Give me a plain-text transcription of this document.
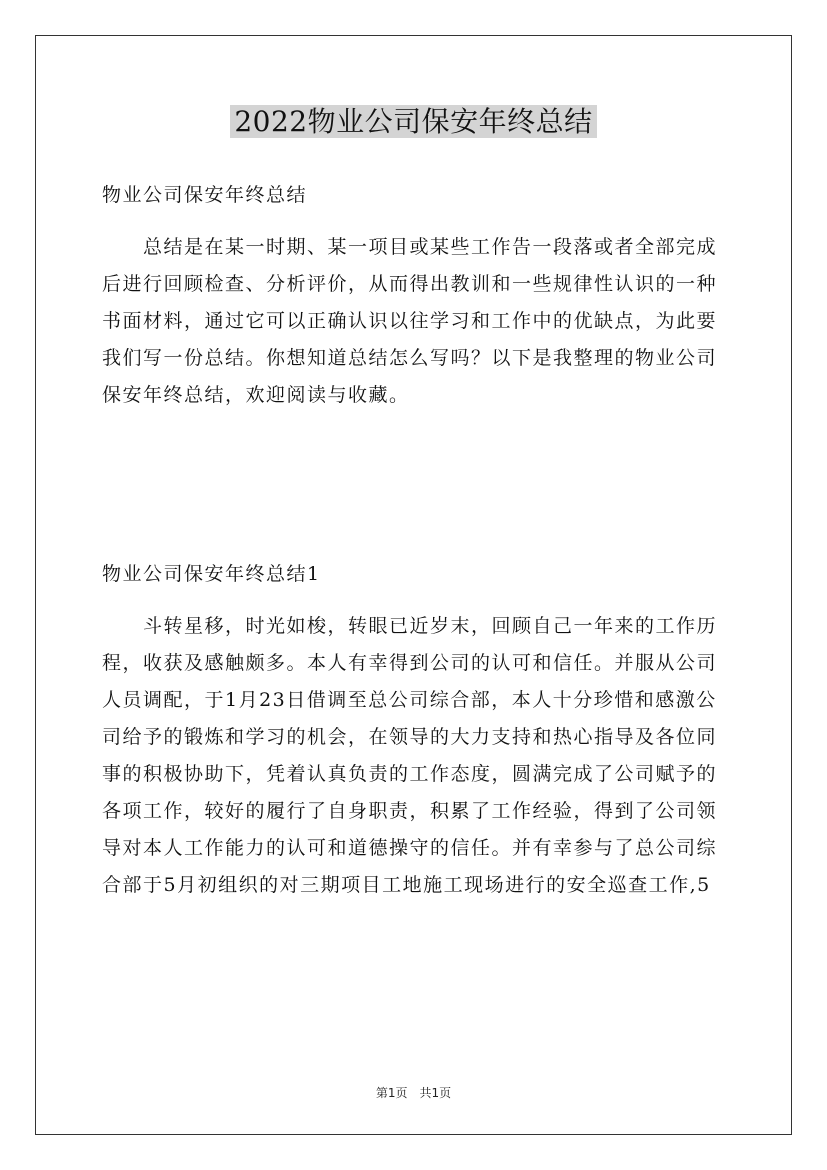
2022物业公司保安年终总结
物业公司保安年终总结
　　总结是在某一时期、某一项目或某些工作告一段落或者全部完成
后进行回顾检查、分析评价，从而得出教训和一些规律性认识的一种
书面材料，通过它可以正确认识以往学习和工作中的优缺点，为此要
我们写一份总结。你想知道总结怎么写吗？以下是我整理的物业公司
保安年终总结，欢迎阅读与收藏。
物业公司保安年终总结1
　　斗转星移，时光如梭，转眼已近岁末，回顾自己一年来的工作历
程，收获及感触颇多。本人有幸得到公司的认可和信任。并服从公司
人员调配，于1月23日借调至总公司综合部，本人十分珍惜和感激公
司给予的锻炼和学习的机会，在领导的大力支持和热心指导及各位同
事的积极协助下，凭着认真负责的工作态度，圆满完成了公司赋予的
各项工作，较好的履行了自身职责，积累了工作经验，得到了公司领
导对本人工作能力的认可和道德操守的信任。并有幸参与了总公司综
合部于5月初组织的对三期项目工地施工现场进行的安全巡查工作,5
第1页　共1页
